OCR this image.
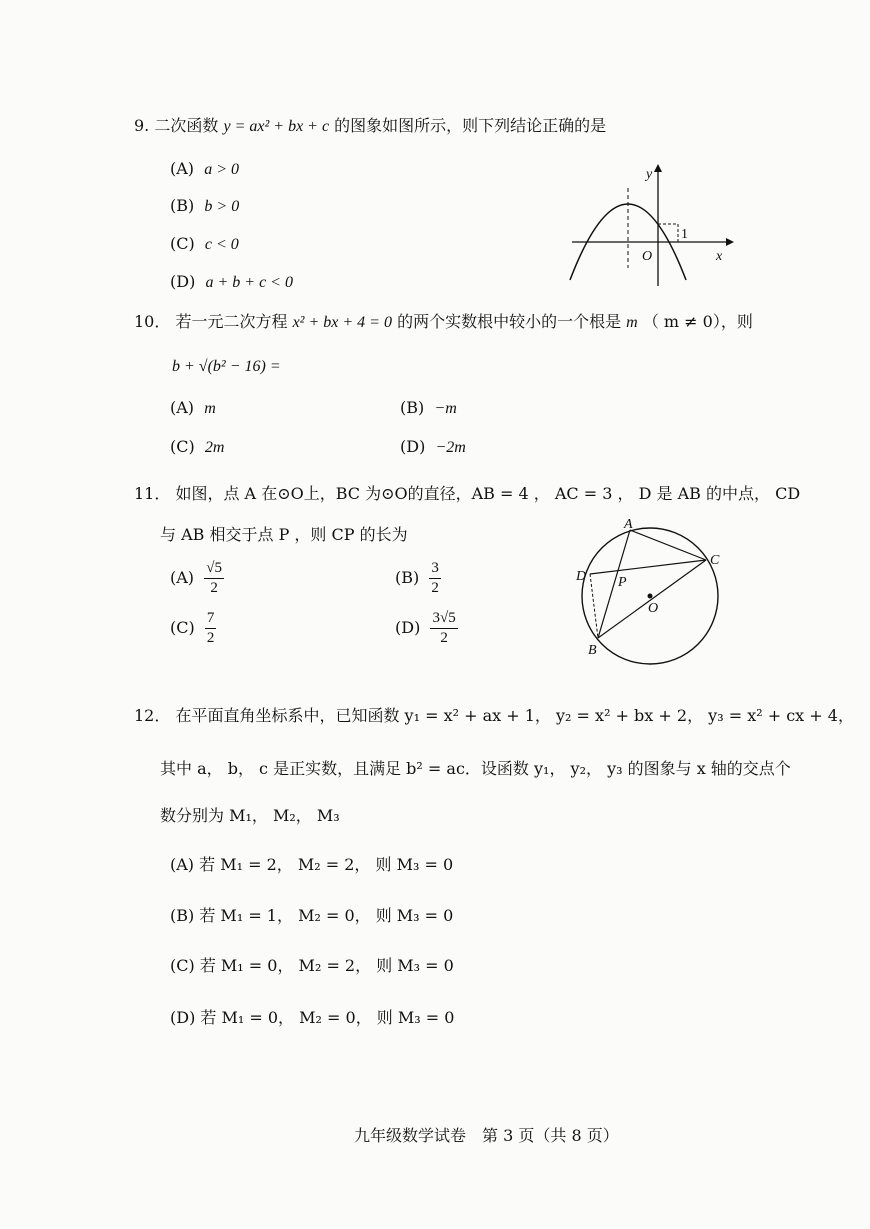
9. 二次函数 y = ax² + bx + c 的图象如图所示，则下列结论正确的是
(A) a > 0
(B) b > 0
(C) c < 0
(D) a + b + c < 0
y
x
O
1
10． 若一元二次方程 x² + bx + 4 = 0 的两个实数根中较小的一个根是 m （ m ≠ 0），则
b + √(b² − 16) =
(A) m	(B) −m
(C) 2m	(D) −2m
11． 如图，点 A 在⊙O上，BC 为⊙O的直径，AB = 4 ， AC = 3 ， D 是 AB 的中点， CD
与 AB 相交于点 P ，则 CP 的长为
$(A) \frac{√5}{2}$	$(B) \frac{3}{2}$
$(C) \frac{7}{2}$	$(D) \frac{3√5}{2}$
A
B
C
D P
O
12． 在平面直角坐标系中，已知函数 y₁ = x² + ax + 1， y₂ = x² + bx + 2， y₃ = x² + cx + 4，
其中 a， b， c 是正实数，且满足 b² = ac．设函数 y₁， y₂， y₃ 的图象与 x 轴的交点个
数分别为 M₁， M₂， M₃
(A) 若 M₁ = 2， M₂ = 2， 则 M₃ = 0
(B) 若 M₁ = 1， M₂ = 0， 则 M₃ = 0
(C) 若 M₁ = 0， M₂ = 2， 则 M₃ = 0
(D) 若 M₁ = 0， M₂ = 0， 则 M₃ = 0
九年级数学试卷　第 3 页（共 8 页）
